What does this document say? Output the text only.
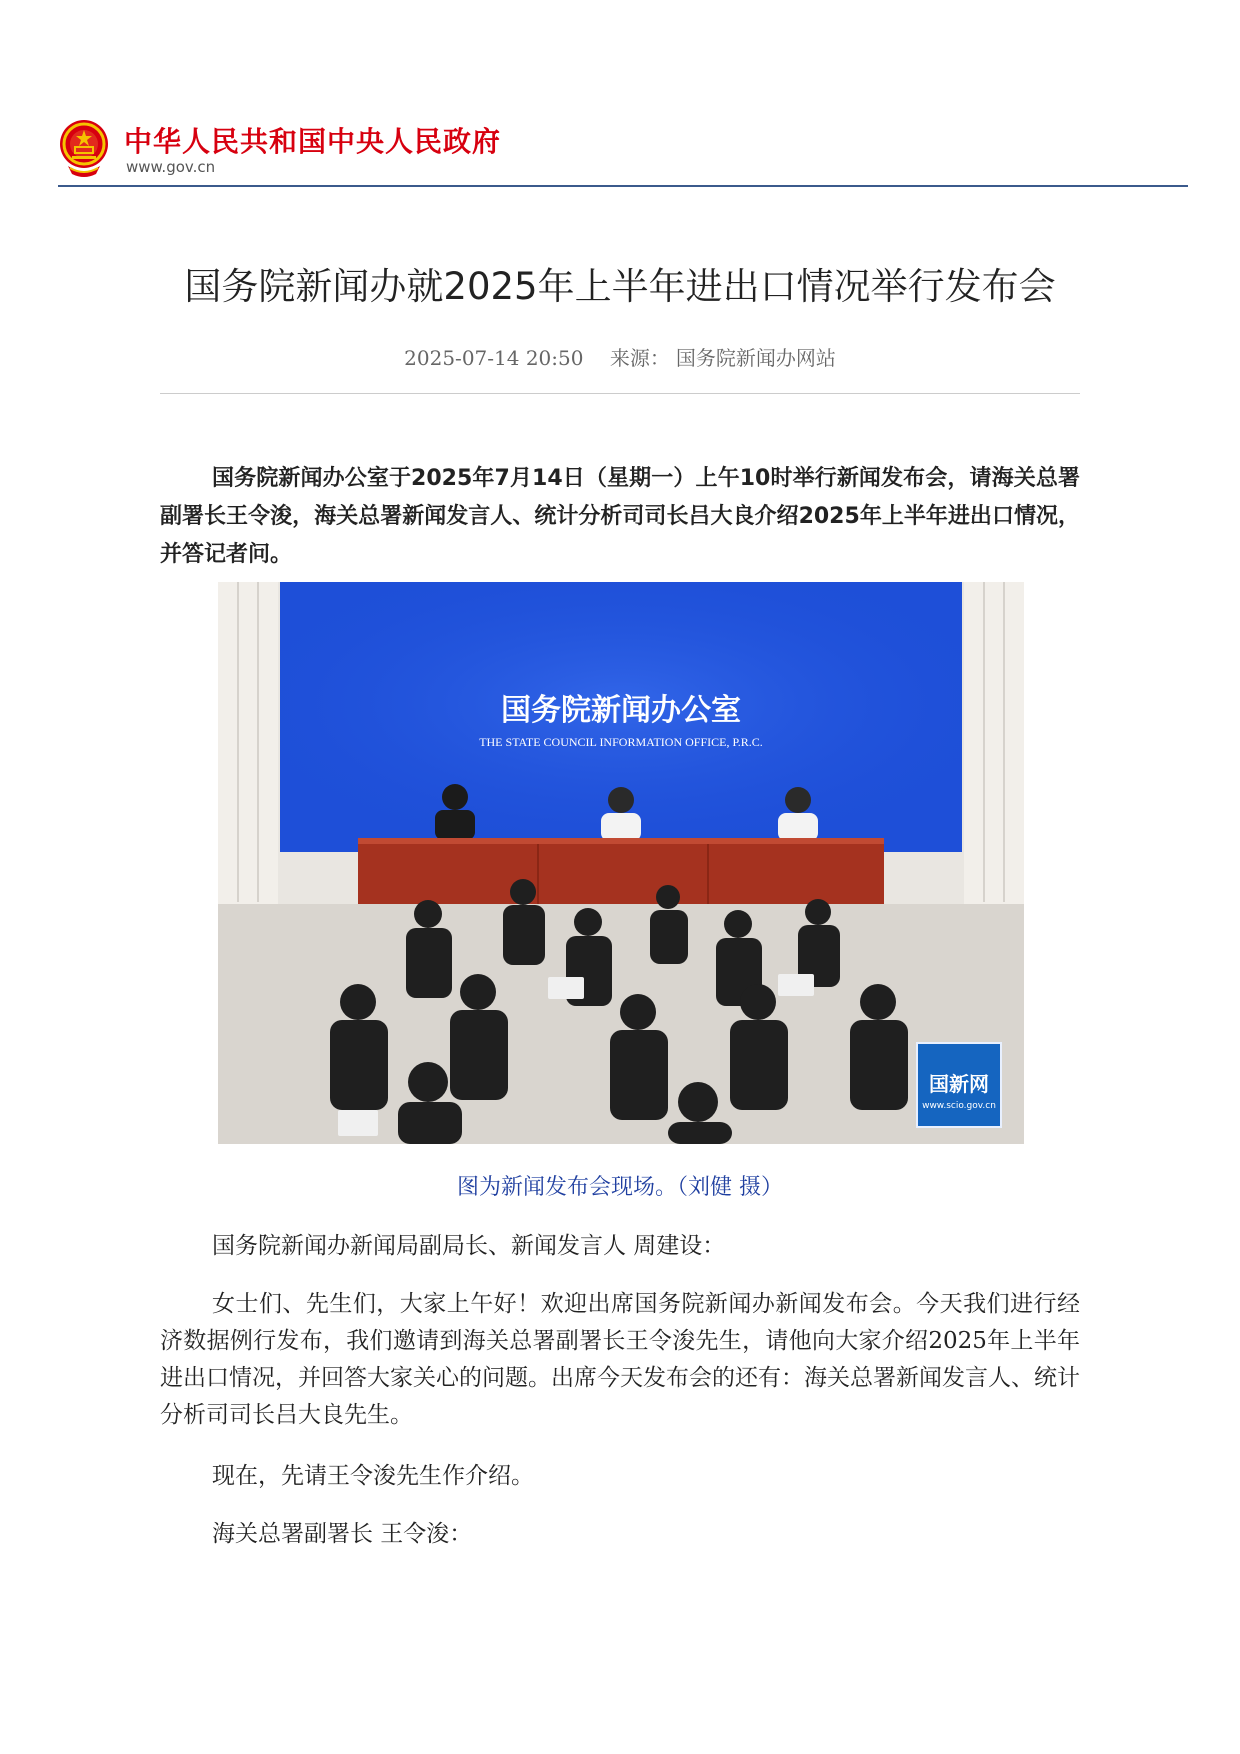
中华人民共和国中央人民政府
www.gov.cn
国务院新闻办就2025年上半年进出口情况举行发布会
2025-07-14 20:50 来源： 国务院新闻办网站
国务院新闻办公室于2025年7月14日（星期一）上午10时举行新闻发布会，请海关总署副署长王令浚，海关总署新闻发言人、统计分析司司长吕大良介绍2025年上半年进出口情况，并答记者问。
国务院新闻办公室
THE STATE COUNCIL INFORMATION OFFICE, P.R.C.
国新网
www.scio.gov.cn
图为新闻发布会现场。（刘健 摄）
国务院新闻办新闻局副局长、新闻发言人 周建设：
女士们、先生们，大家上午好！欢迎出席国务院新闻办新闻发布会。今天我们进行经济数据例行发布，我们邀请到海关总署副署长王令浚先生，请他向大家介绍2025年上半年进出口情况，并回答大家关心的问题。出席今天发布会的还有：海关总署新闻发言人、统计分析司司长吕大良先生。
现在，先请王令浚先生作介绍。
海关总署副署长 王令浚：
